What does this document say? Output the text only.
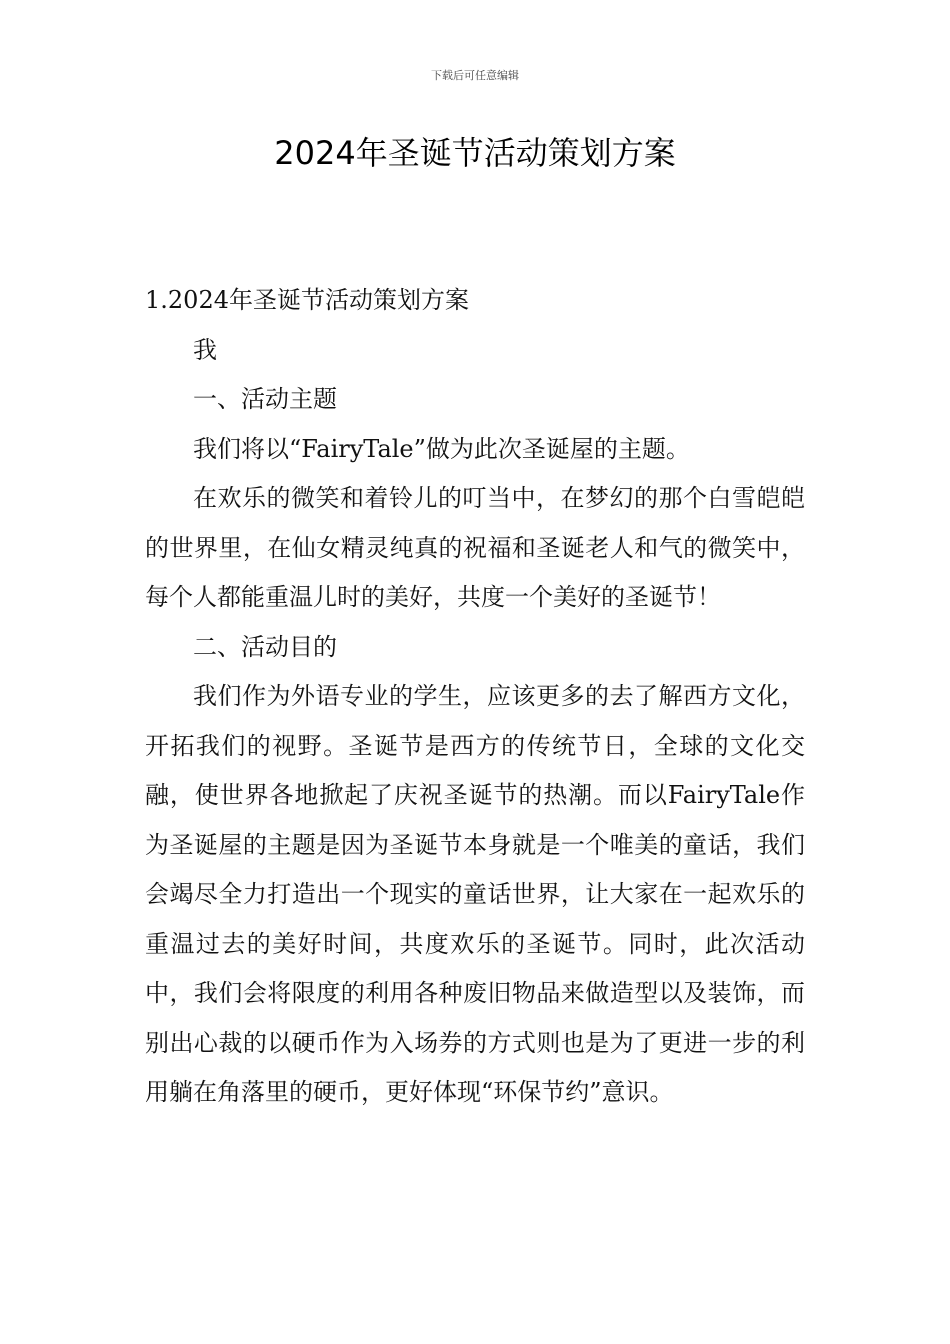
下载后可任意编辑
2024年圣诞节活动策划方案

1.2024年圣诞节活动策划方案

我

一、活动主题

我们将以“FairyTale”做为此次圣诞屋的主题。

在欢乐的微笑和着铃儿的叮当中，在梦幻的那个白雪皑皑的世界里，在仙女精灵纯真的祝福和圣诞老人和气的微笑中，每个人都能重温儿时的美好，共度一个美好的圣诞节！

二、活动目的

我们作为外语专业的学生，应该更多的去了解西方文化，开拓我们的视野。圣诞节是西方的传统节日，全球的文化交融，使世界各地掀起了庆祝圣诞节的热潮。而以FairyTale作为圣诞屋的主题是因为圣诞节本身就是一个唯美的童话，我们会竭尽全力打造出一个现实的童话世界，让大家在一起欢乐的重温过去的美好时间，共度欢乐的圣诞节。同时，此次活动中，我们会将限度的利用各种废旧物品来做造型以及装饰，而别出心裁的以硬币作为入场券的方式则也是为了更进一步的利用躺在角落里的硬币，更好体现“环保节约”意识。
